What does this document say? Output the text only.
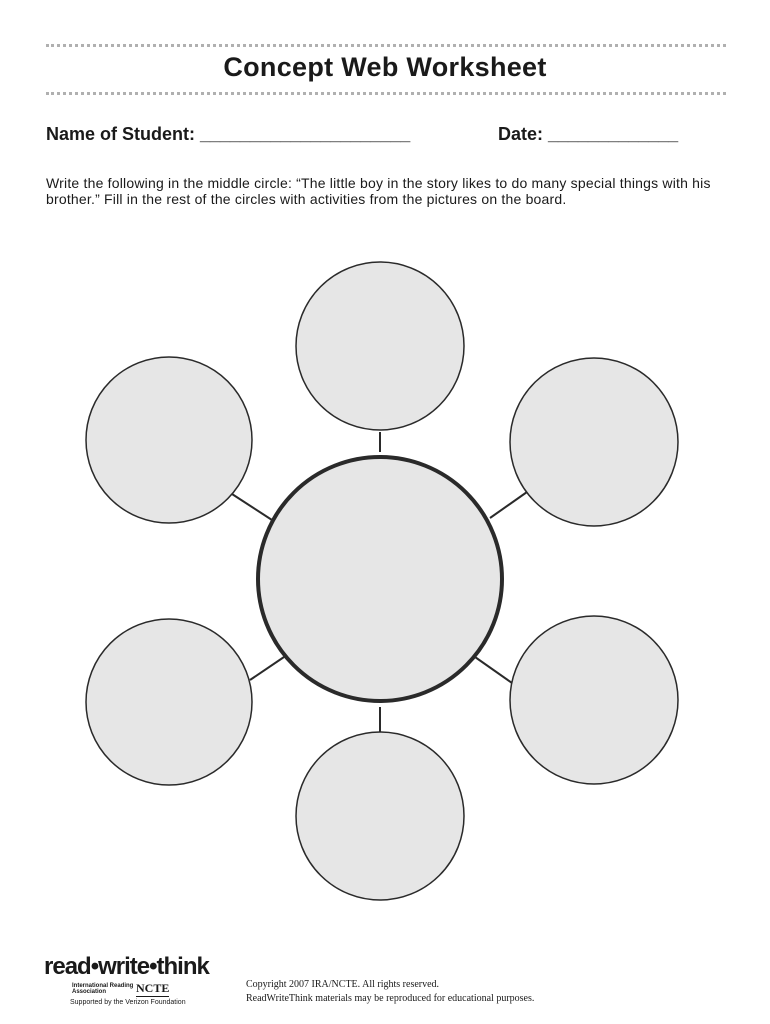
Concept Web Worksheet
Name of Student: _____________________	Date: _____________
Write the following in the middle circle: “The little boy in the story likes to do many special things with his brother.” Fill in the rest of the circles with activities from the pictures on the board.
read•write•think
International Reading Association	NCTE
Supported by the Verizon Foundation
Copyright 2007 IRA/NCTE. All rights reserved.
ReadWriteThink materials may be reproduced for educational purposes.
